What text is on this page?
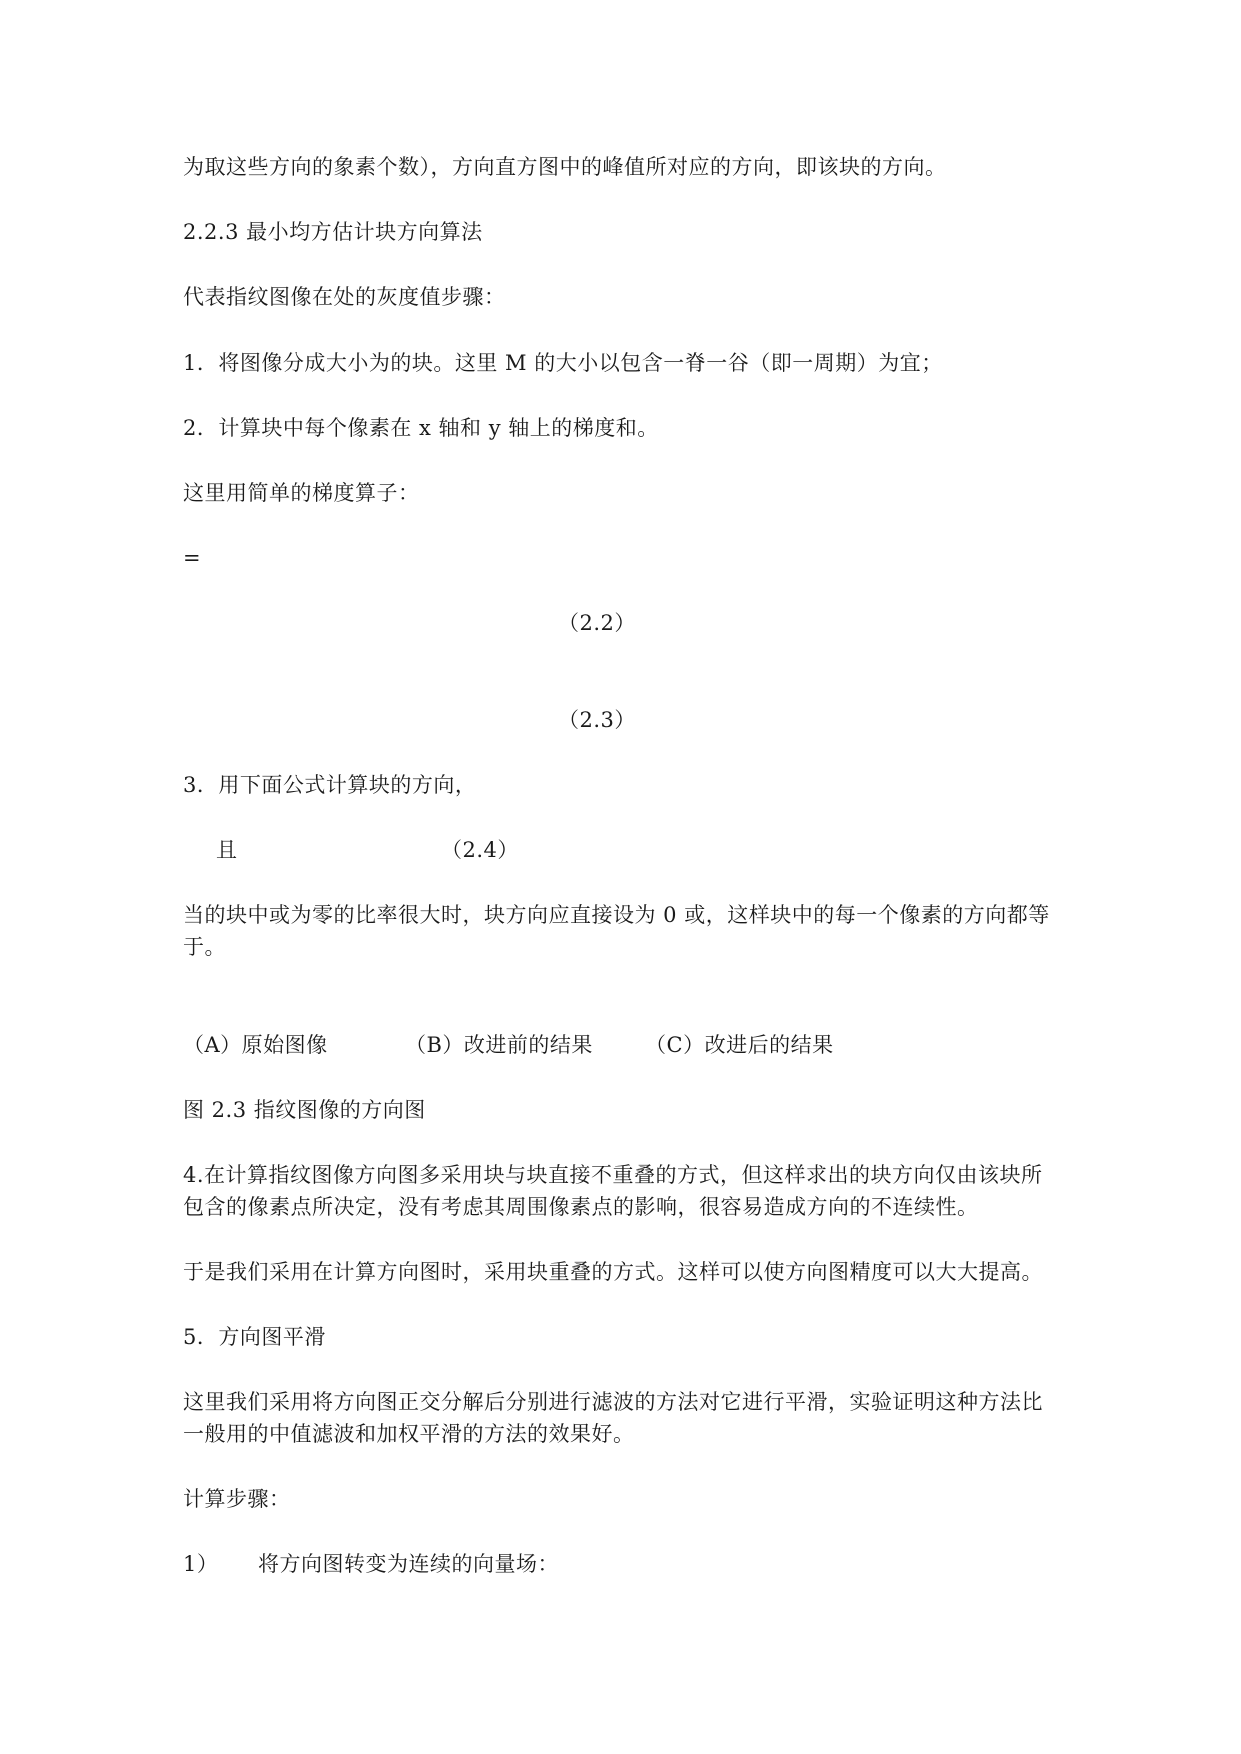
为取这些方向的象素个数），方向直方图中的峰值所对应的方向，即该块的方向。
2.2.3 最小均方估计块方向算法
代表指纹图像在处的灰度值步骤：
1．将图像分成大小为的块。这里 M 的大小以包含一脊一谷（即一周期）为宜；
2．计算块中每个像素在 x 轴和 y 轴上的梯度和。
这里用简单的梯度算子：
=
（2.2）
（2.3）
3．用下面公式计算块的方向，
且	（2.4）
当的块中或为零的比率很大时，块方向应直接设为 0 或，这样块中的每一个像素的方向都等
于。
（A）原始图像	（B）改进前的结果 （C）改进后的结果
图 2.3 指纹图像的方向图
4.在计算指纹图像方向图多采用块与块直接不重叠的方式，但这样求出的块方向仅由该块所
包含的像素点所决定，没有考虑其周围像素点的影响，很容易造成方向的不连续性。
于是我们采用在计算方向图时，采用块重叠的方式。这样可以使方向图精度可以大大提高。
5．方向图平滑
这里我们采用将方向图正交分解后分别进行滤波的方法对它进行平滑，实验证明这种方法比
一般用的中值滤波和加权平滑的方法的效果好。
计算步骤：
1） 将方向图转变为连续的向量场：
